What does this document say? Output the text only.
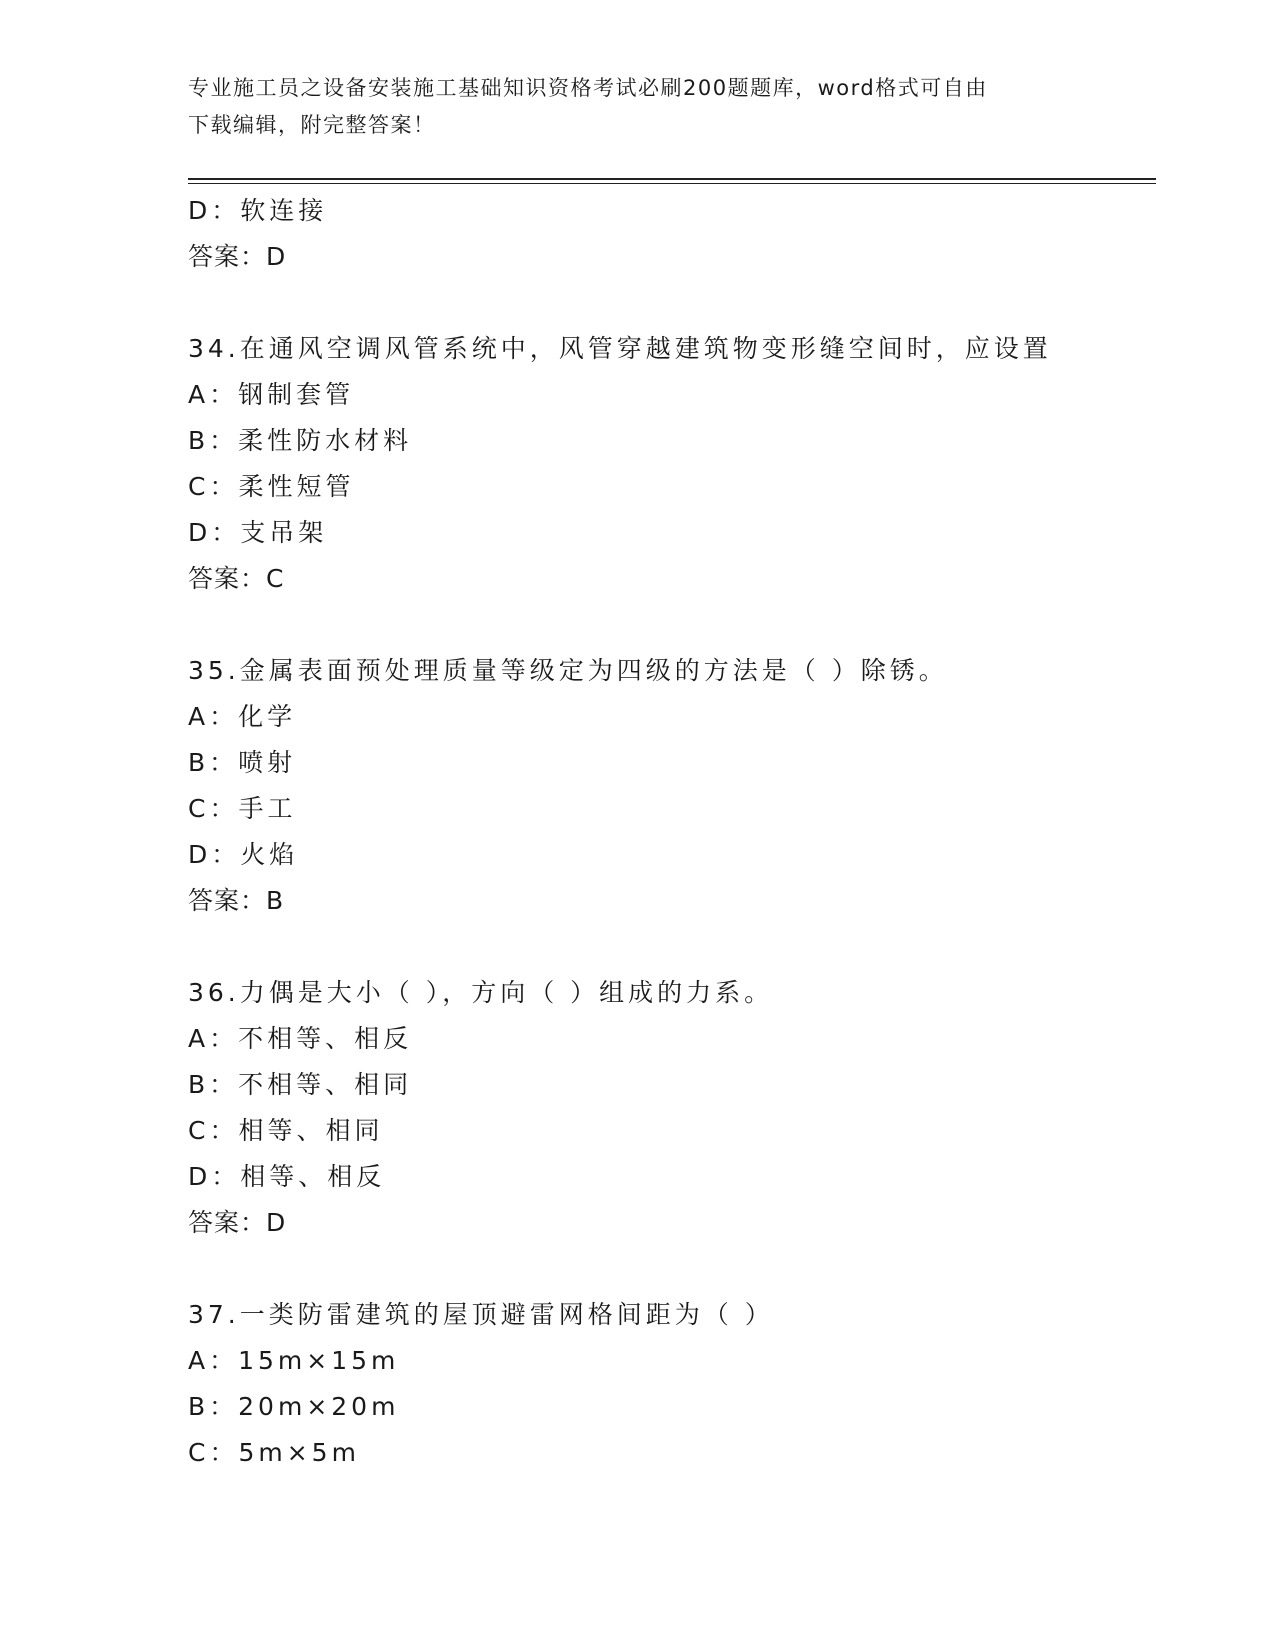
专业施工员之设备安装施工基础知识资格考试必刷200题题库，word格式可自由
下载编辑，附完整答案！
D：软连接
答案：D
34.在通风空调风管系统中，风管穿越建筑物变形缝空间时，应设置
A：钢制套管
B：柔性防水材料
C：柔性短管
D：支吊架
答案：C
35.金属表面预处理质量等级定为四级的方法是（ ）除锈。
A：化学
B：喷射
C：手工
D：火焰
答案：B
36.力偶是大小（ ），方向（ ）组成的力系。
A：不相等、相反
B：不相等、相同
C：相等、相同
D：相等、相反
答案：D
37.一类防雷建筑的屋顶避雷网格间距为（ ）
A：15m×15m
B：20m×20m
C：5m×5m
